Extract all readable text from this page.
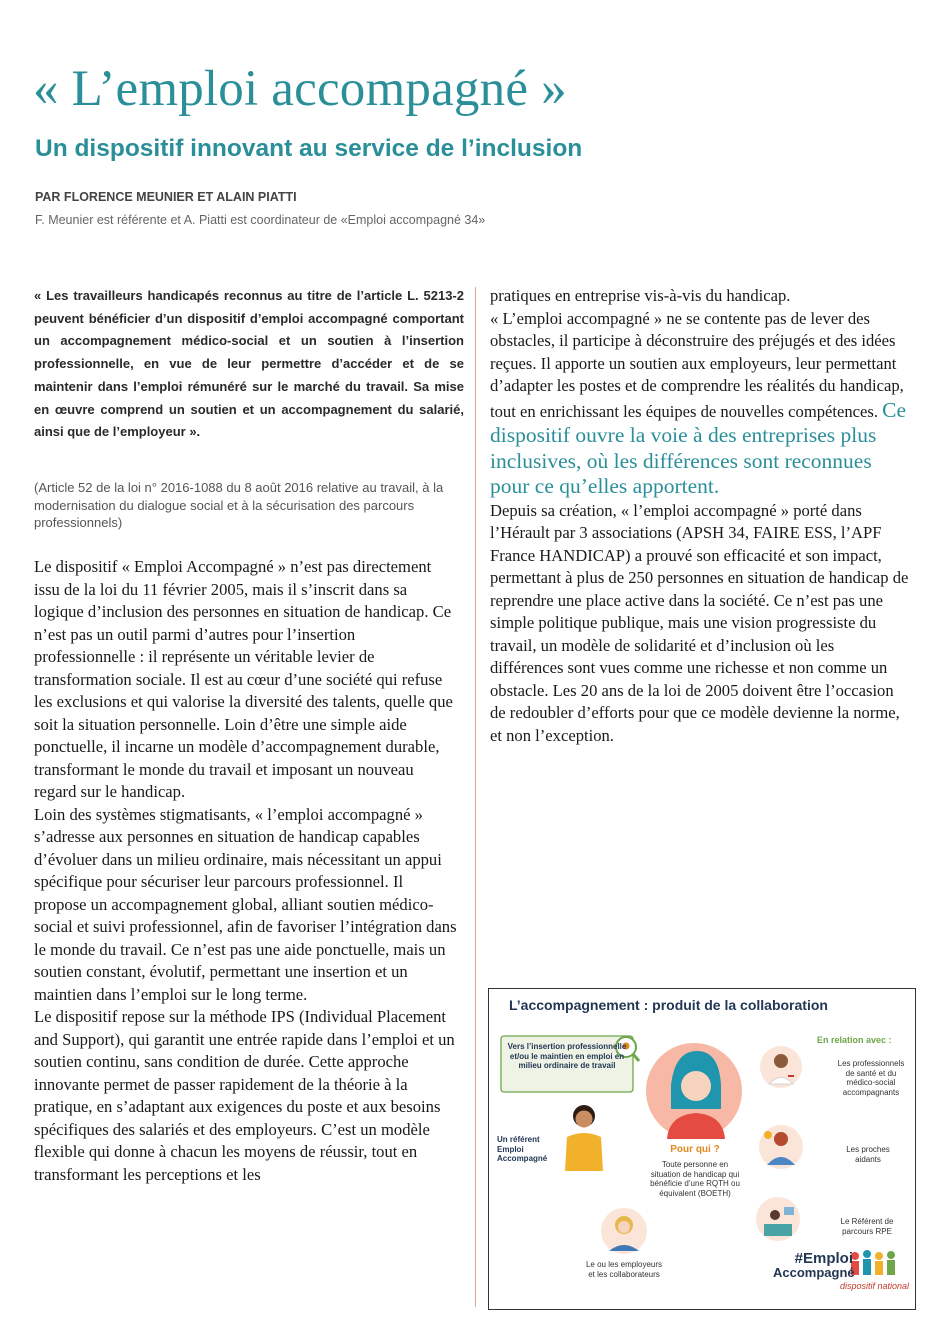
« L’emploi accompagné »
Un dispositif innovant au service de l’inclusion
PAR FLORENCE MEUNIER ET ALAIN PIATTI
F. Meunier est référente et A. Piatti est coordinateur de «Emploi accompagné 34»

« Les travailleurs handicapés reconnus au titre de l’article L. 5213-2 peuvent bénéficier d’un dispositif d’emploi accompagné comportant un accompagnement médico-social et un soutien à l’insertion professionnelle, en vue de leur permettre d’accéder et de se maintenir dans l’emploi rémunéré sur le marché du travail. Sa mise en œuvre comprend un soutien et un accompagnement du salarié, ainsi que de l’employeur ».

(Article 52 de la loi n° 2016-1088 du 8 août 2016 relative au travail, à la modernisation du dialogue social et à la sécurisation des parcours professionnels)

Le dispositif « Emploi Accompagné » n’est pas directement issu de la loi du 11 février 2005, mais il s’inscrit dans sa logique d’inclusion des personnes en situation de handicap. Ce n’est pas un outil parmi d’autres pour l’insertion professionnelle : il représente un véritable levier de transformation sociale. Il est au cœur d’une société qui refuse les exclusions et qui valorise la diversité des talents, quelle que soit la situation personnelle. Loin d’être une simple aide ponctuelle, il incarne un modèle d’accompagnement durable, transformant le monde du travail et imposant un nouveau regard sur le handicap.

Loin des systèmes stigmatisants, « l’emploi accompagné » s’adresse aux personnes en situation de handicap capables d’évoluer dans un milieu ordinaire, mais nécessitant un appui spécifique pour sécuriser leur parcours professionnel. Il propose un accompagnement global, alliant soutien médico-social et suivi professionnel, afin de favoriser l’intégration dans le monde du travail. Ce n’est pas une aide ponctuelle, mais un soutien constant, évolutif, permettant une insertion et un maintien dans l’emploi sur le long terme.

Le dispositif repose sur la méthode IPS (Individual Placement and Support), qui garantit une entrée rapide dans l’emploi et un soutien continu, sans condition de durée. Cette approche innovante permet de passer rapidement de la théorie à la pratique, en s’adaptant aux exigences du poste et aux besoins spécifiques des salariés et des employeurs. C’est un modèle flexible qui donne à chacun les moyens de réussir, tout en transformant les perceptions et les

pratiques en entreprise vis-à-vis du handicap.

« L’emploi accompagné » ne se contente pas de lever des obstacles, il participe à déconstruire des préjugés et des idées reçues. Il apporte un soutien aux employeurs, leur permettant d’adapter les postes et de comprendre les réalités du handicap, tout en enrichissant les équipes de nouvelles compétences. Ce dispositif ouvre la voie à des entreprises plus inclusives, où les différences sont reconnues pour ce qu’elles apportent.

Depuis sa création, « l’emploi accompagné » porté dans l’Hérault par 3 associations (APSH 34, FAIRE ESS, l’APF France HANDICAP) a prouvé son efficacité et son impact, permettant à plus de 250 personnes en situation de handicap de reprendre une place active dans la société. Ce n’est pas une simple politique publique, mais une vision progressiste du travail, un modèle de solidarité et d’inclusion où les différences sont vues comme une richesse et non comme un obstacle. Les 20 ans de la loi de 2005 doivent être l’occasion de redoubler d’efforts pour que ce modèle devienne la norme, et non l’exception.

L’accompagnement : produit de la collaboration
Vers l’insertion professionnelle et/ou le maintien en emploi en milieu ordinaire de travail
Un référent Emploi Accompagné
En relation avec :
Les professionnels de santé et du médico-social accompagnants
Les proches aidants
Le Référent de parcours RPE
Pour qui ?
Toute personne en situation de handicap qui bénéficie d’une RQTH ou équivalent (BOETH)
Le ou les employeurs et les collaborateurs
#Emploi
Accompagné
dispositif national
